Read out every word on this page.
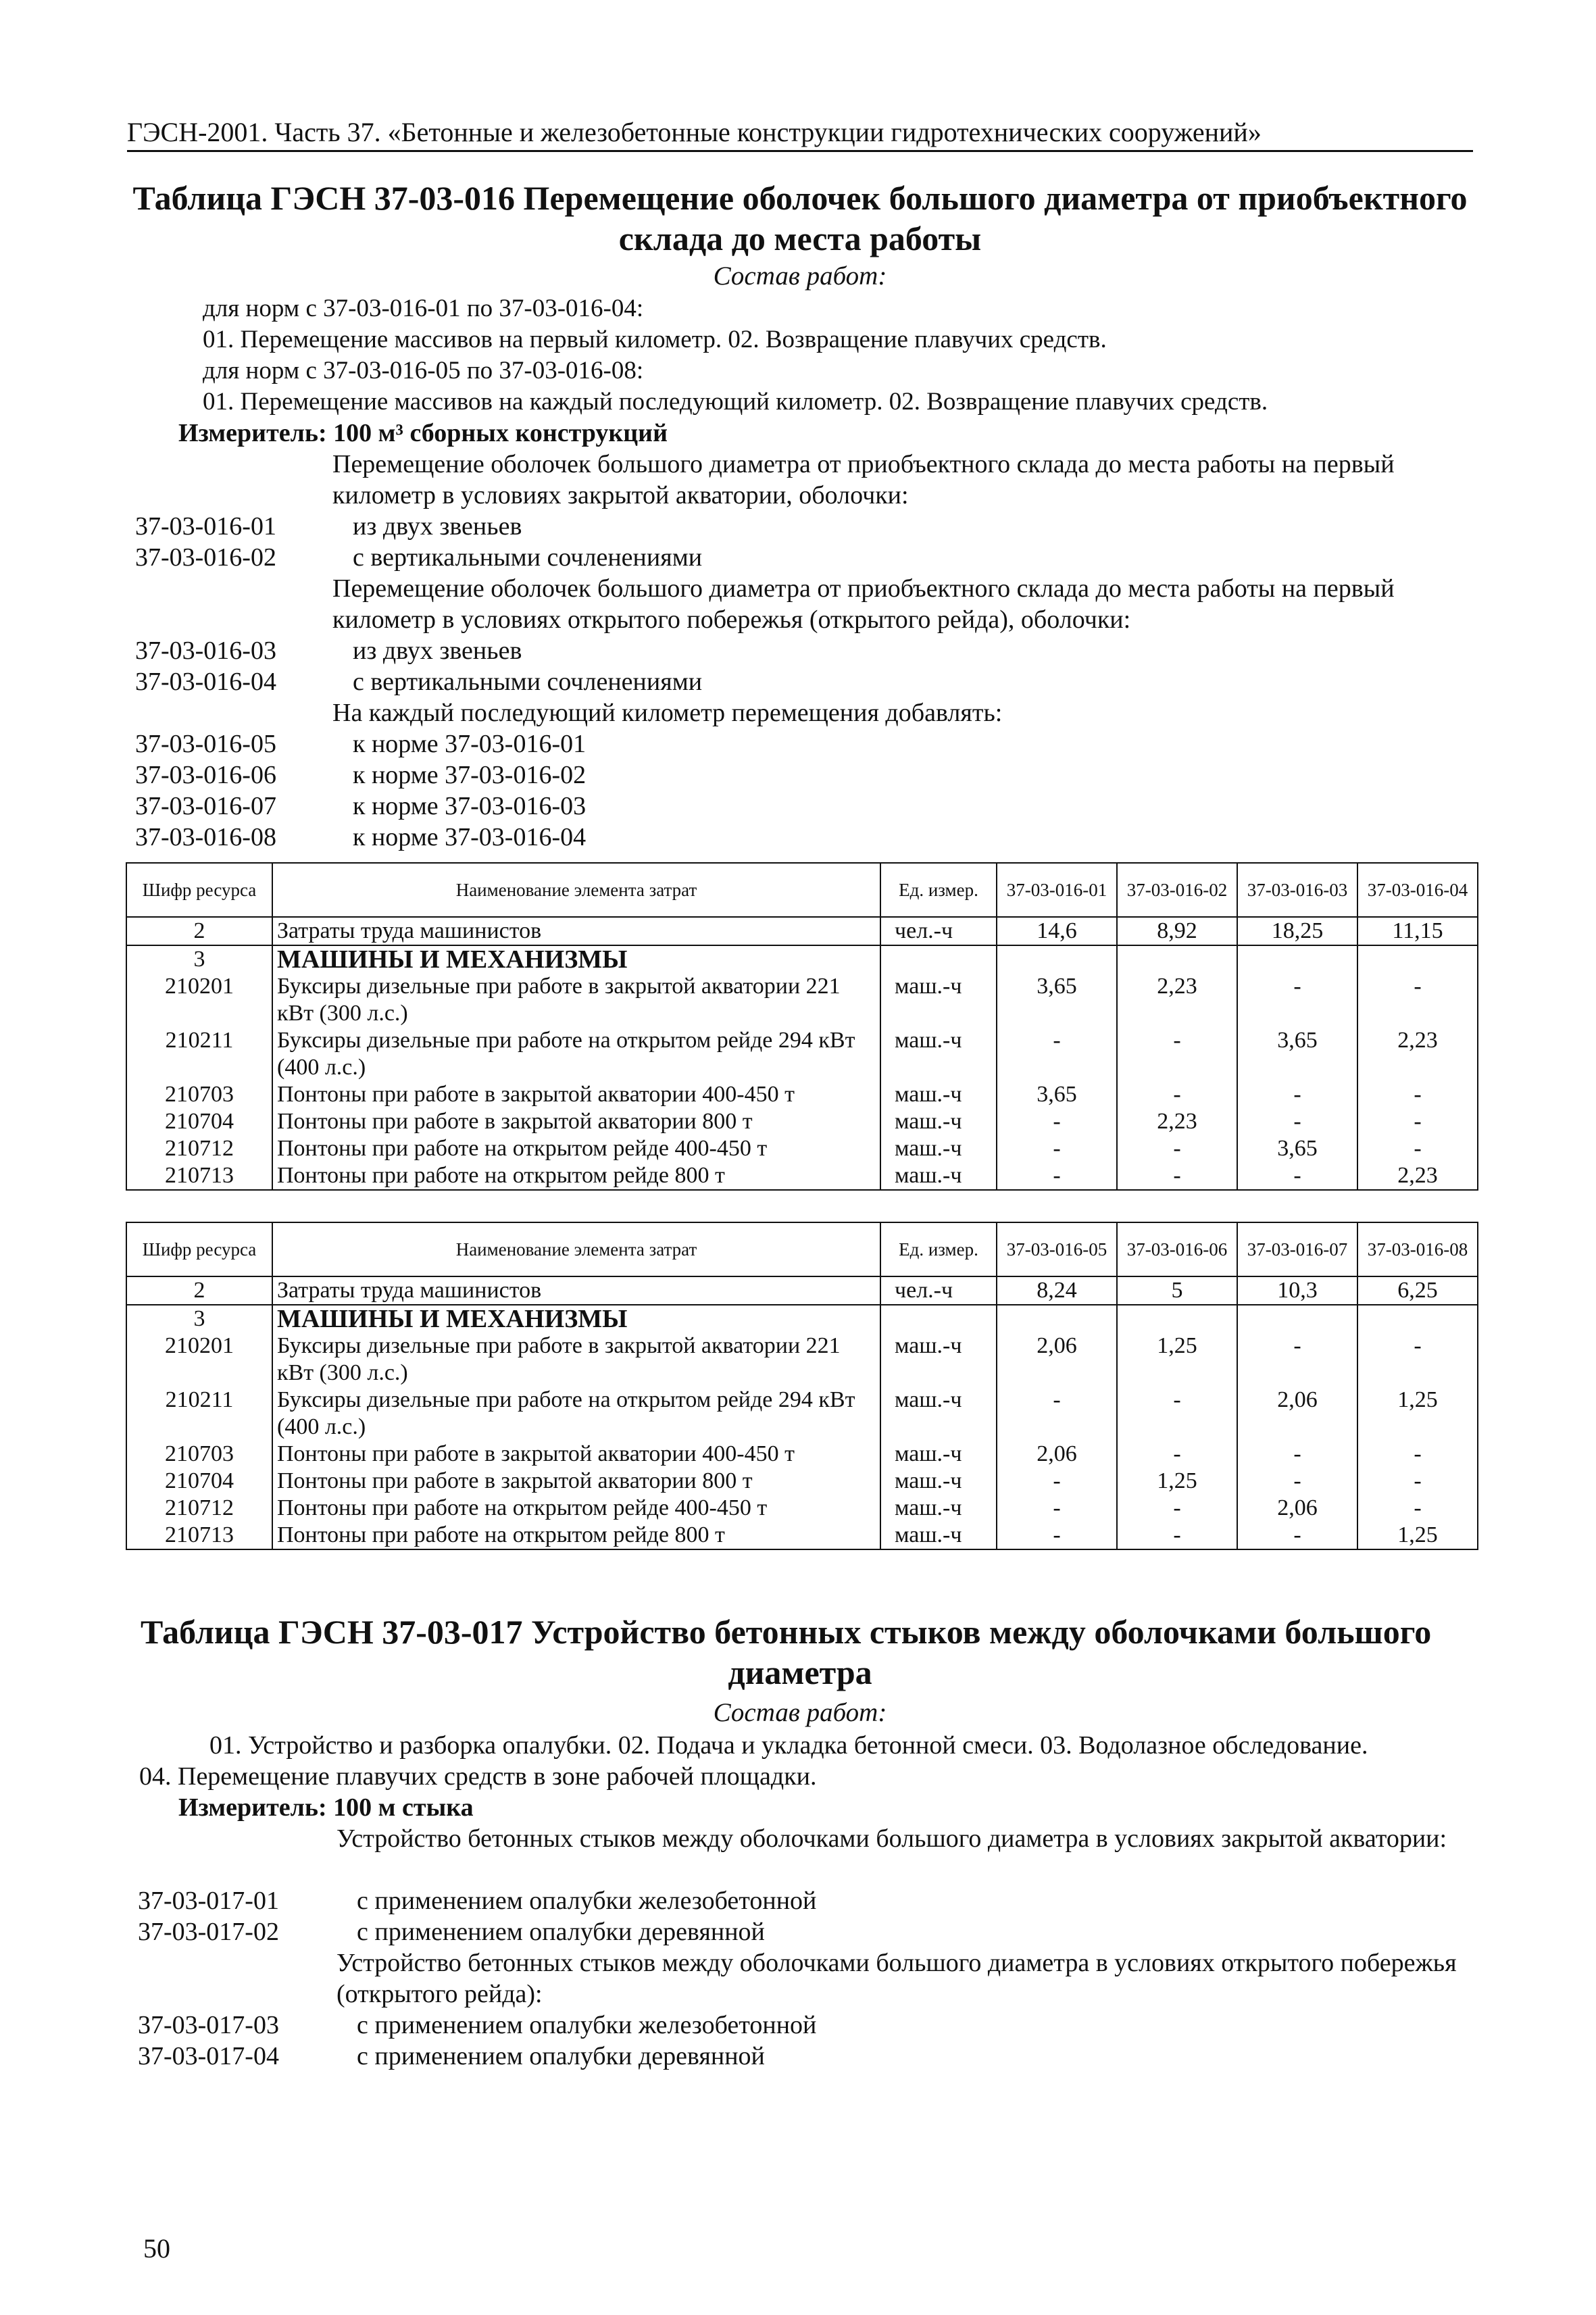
ГЭСН-2001. Часть 37. «Бетонные и железобетонные конструкции гидротехнических сооружений»
Таблица ГЭСН 37-03-016 Перемещение оболочек большого диаметра от приобъектного
склада до места работы
Состав работ:
для норм с 37-03-016-01 по 37-03-016-04:
01. Перемещение массивов на первый километр. 02. Возвращение плавучих средств.
для норм с 37-03-016-05 по 37-03-016-08:
01. Перемещение массивов на каждый последующий километр. 02. Возвращение плавучих средств.
Измеритель: 100 м³ сборных конструкций
Перемещение оболочек большого диаметра от приобъектного склада до места работы на первый километр в условиях закрытой акватории, оболочки:
37-03-016-01	из двух звеньев
37-03-016-02	с вертикальными сочленениями
Перемещение оболочек большого диаметра от приобъектного склада до места работы на первый километр в условиях открытого побережья (открытого рейда), оболочки:
37-03-016-03	из двух звеньев
37-03-016-04	с вертикальными сочленениями
На каждый последующий километр перемещения добавлять:
37-03-016-05	к норме 37-03-016-01
37-03-016-06	к норме 37-03-016-02
37-03-016-07	к норме 37-03-016-03
37-03-016-08	к норме 37-03-016-04
Шифр ресурса	Наименование элемента затрат	Ед. измер.	37-03-016-01	37-03-016-02	37-03-016-03	37-03-016-04
2	Затраты труда машинистов	чел.-ч	14,6	8,92	18,25	11,15
3	МАШИНЫ И МЕХАНИЗМЫ					
210201	Буксиры дизельные при работе в закрытой акватории 221 кВт (300 л.с.)	маш.-ч	3,65	2,23	-	-
210211	Буксиры дизельные при работе на открытом рейде 294 кВт (400 л.с.)	маш.-ч	-	-	3,65	2,23
210703	Понтоны при работе в закрытой акватории 400-450 т	маш.-ч	3,65	-	-	-
210704	Понтоны при работе в закрытой акватории 800 т	маш.-ч	-	2,23	-	-
210712	Понтоны при работе на открытом рейде 400-450 т	маш.-ч	-	-	3,65	-
210713	Понтоны при работе на открытом рейде 800 т	маш.-ч	-	-	-	2,23
Шифр ресурса	Наименование элемента затрат	Ед. измер.	37-03-016-05	37-03-016-06	37-03-016-07	37-03-016-08
2	Затраты труда машинистов	чел.-ч	8,24	5	10,3	6,25
3	МАШИНЫ И МЕХАНИЗМЫ					
210201	Буксиры дизельные при работе в закрытой акватории 221 кВт (300 л.с.)	маш.-ч	2,06	1,25	-	-
210211	Буксиры дизельные при работе на открытом рейде 294 кВт (400 л.с.)	маш.-ч	-	-	2,06	1,25
210703	Понтоны при работе в закрытой акватории 400-450 т	маш.-ч	2,06	-	-	-
210704	Понтоны при работе в закрытой акватории 800 т	маш.-ч	-	1,25	-	-
210712	Понтоны при работе на открытом рейде 400-450 т	маш.-ч	-	-	2,06	-
210713	Понтоны при работе на открытом рейде 800 т	маш.-ч	-	-	-	1,25
Таблица ГЭСН 37-03-017 Устройство бетонных стыков между оболочками большого
диаметра
Состав работ:
01. Устройство и разборка опалубки. 02. Подача и укладка бетонной смеси. 03. Водолазное обследование.
04. Перемещение плавучих средств в зоне рабочей площадки.
Измеритель: 100 м стыка
Устройство бетонных стыков между оболочками большого диаметра в условиях закрытой акватории:
37-03-017-01	с применением опалубки железобетонной
37-03-017-02	с применением опалубки деревянной
Устройство бетонных стыков между оболочками большого диаметра в условиях открытого побережья (открытого рейда):
37-03-017-03	с применением опалубки железобетонной
37-03-017-04	с применением опалубки деревянной
50
